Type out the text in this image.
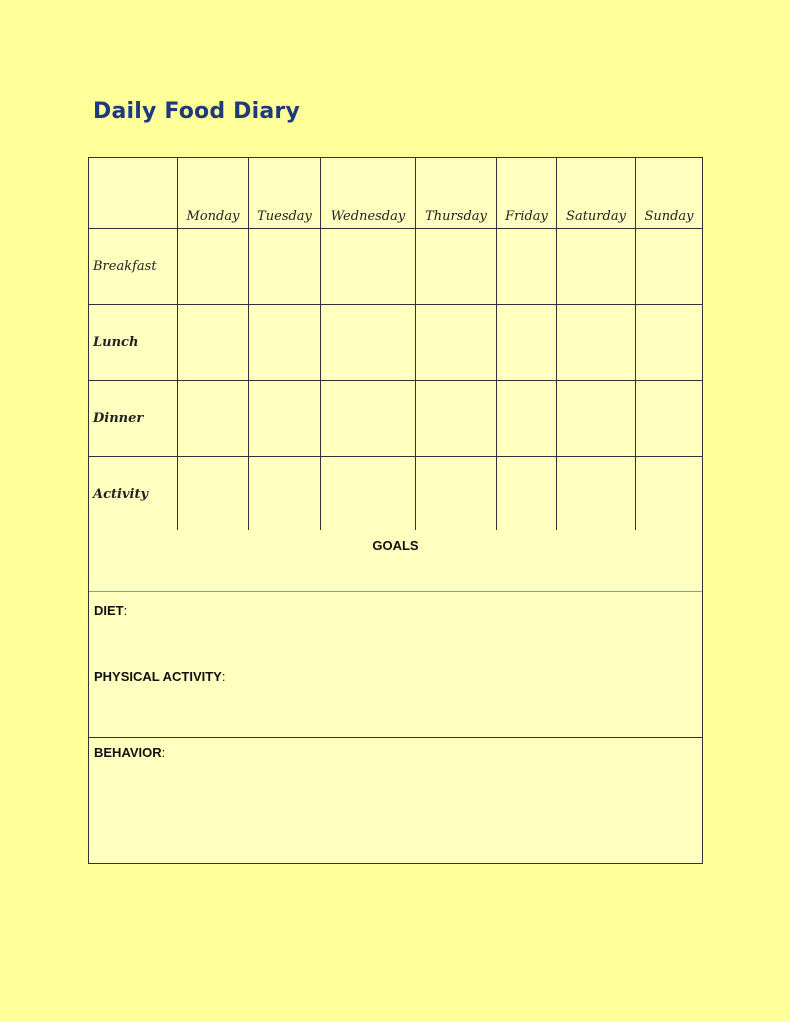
Daily Food Diary
	Monday	Tuesday	Wednesday	Thursday	Friday	Saturday	Sunday
Breakfast							
Lunch							
Dinner							
Activity							
GOALS
DIET:
PHYSICAL ACTIVITY:
BEHAVIOR:
